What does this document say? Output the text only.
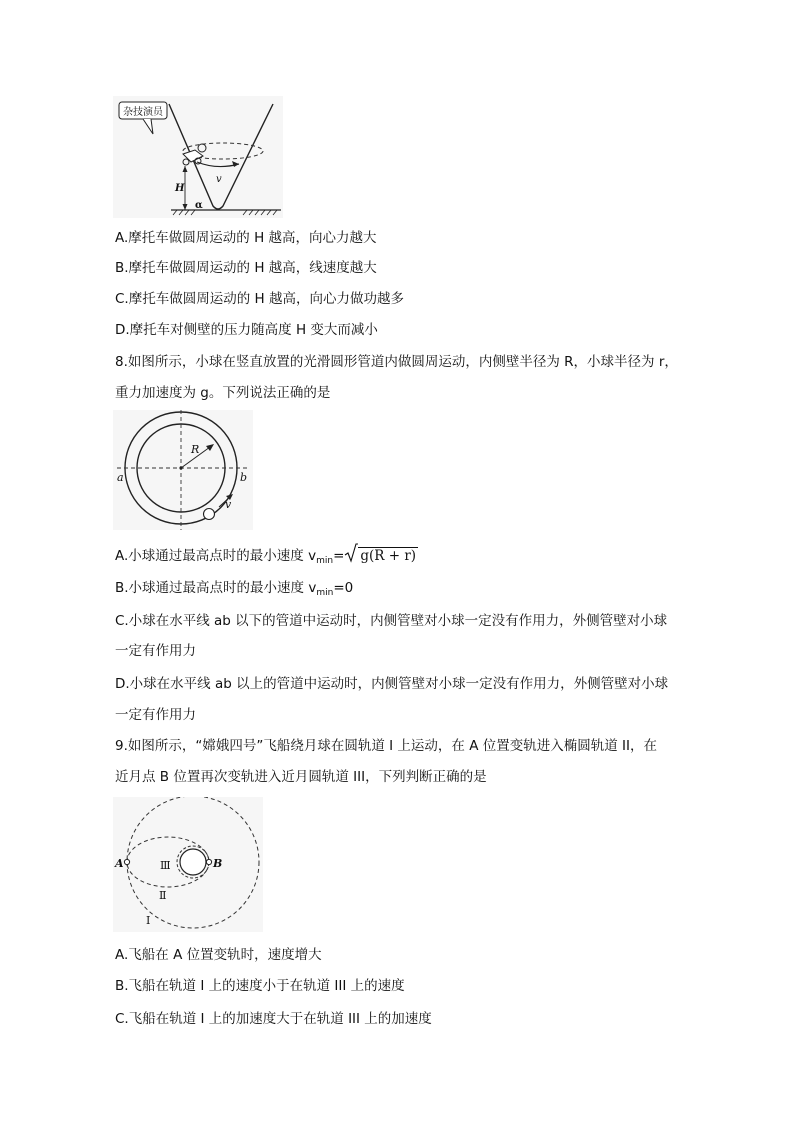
杂技演员
v
H
α
A.摩托车做圆周运动的 H 越高，向心力越大
B.摩托车做圆周运动的 H 越高，线速度越大
C.摩托车做圆周运动的 H 越高，向心力做功越多
D.摩托车对侧壁的压力随高度 H 变大而减小
8.如图所示，小球在竖直放置的光滑圆形管道内做圆周运动，内侧壁半径为 R，小球半径为 r，
重力加速度为 g。下列说法正确的是
R
a	b
v
A.小球通过最高点时的最小速度 $v_{min}= g(R + r)$
B.小球通过最高点时的最小速度 $v_{min}=0$
C.小球在水平线 ab 以下的管道中运动时，内侧管壁对小球一定没有作用力，外侧管壁对小球
一定有作用力
D.小球在水平线 ab 以上的管道中运动时，内侧管壁对小球一定没有作用力，外侧管壁对小球
一定有作用力
9.如图所示，“嫦娥四号”飞船绕月球在圆轨道 I 上运动，在 A 位置变轨进入椭圆轨道 II，在
近月点 B 位置再次变轨进入近月圆轨道 III，下列判断正确的是
A	B
Ⅲ
Ⅱ
Ⅰ
A.飞船在 A 位置变轨时，速度增大
B.飞船在轨道 I 上的速度小于在轨道 III 上的速度
C.飞船在轨道 I 上的加速度大于在轨道 III 上的加速度
